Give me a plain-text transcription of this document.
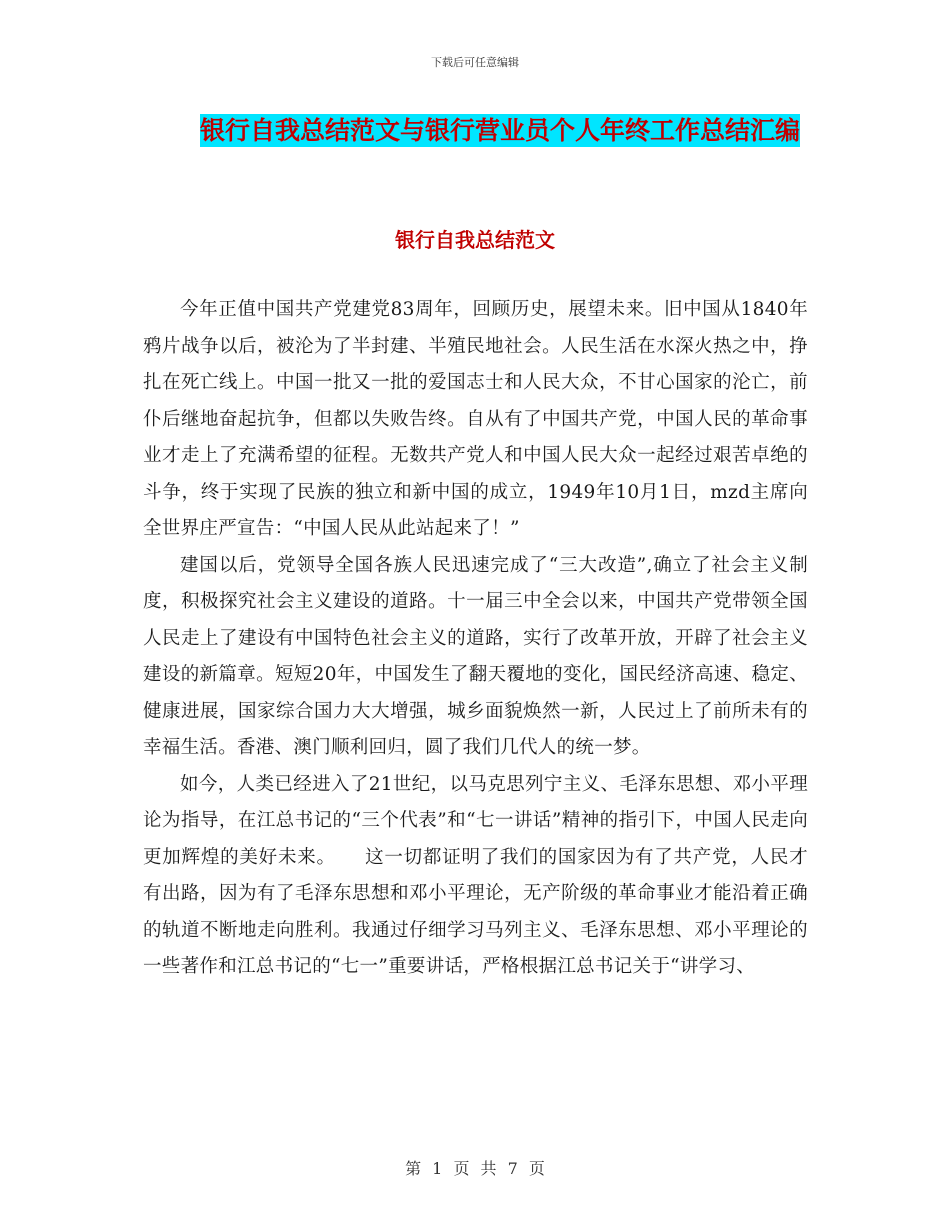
下载后可任意编辑
银行自我总结范文与银行营业员个人年终工作总结汇编
银行自我总结范文

今年正值中国共产党建党83周年，回顾历史，展望未来。旧中国从1840年鸦片战争以后，被沦为了半封建、半殖民地社会。人民生活在水深火热之中，挣扎在死亡线上。中国一批又一批的爱国志士和人民大众，不甘心国家的沦亡，前仆后继地奋起抗争，但都以失败告终。自从有了中国共产党，中国人民的革命事业才走上了充满希望的征程。无数共产党人和中国人民大众一起经过艰苦卓绝的斗争，终于实现了民族的独立和新中国的成立，1949年10月1日，mzd主席向全世界庄严宣告：“中国人民从此站起来了！”

建国以后，党领导全国各族人民迅速完成了“三大改造”,确立了社会主义制度，积极探究社会主义建设的道路。十一届三中全会以来，中国共产党带领全国人民走上了建设有中国特色社会主义的道路，实行了改革开放，开辟了社会主义建设的新篇章。短短20年，中国发生了翻天覆地的变化，国民经济高速、稳定、健康进展，国家综合国力大大增强，城乡面貌焕然一新，人民过上了前所未有的幸福生活。香港、澳门顺利回归，圆了我们几代人的统一梦。

如今，人类已经进入了21世纪，以马克思列宁主义、毛泽东思想、邓小平理论为指导，在江总书记的“三个代表”和“七一讲话”精神的指引下，中国人民走向更加辉煌的美好未来。　　这一切都证明了我们的国家因为有了共产党，人民才有出路，因为有了毛泽东思想和邓小平理论，无产阶级的革命事业才能沿着正确的轨道不断地走向胜利。我通过仔细学习马列主义、毛泽东思想、邓小平理论的一些著作和江总书记的“七一”重要讲话，严格根据江总书记关于“讲学习、

第 1 页 共 7 页
